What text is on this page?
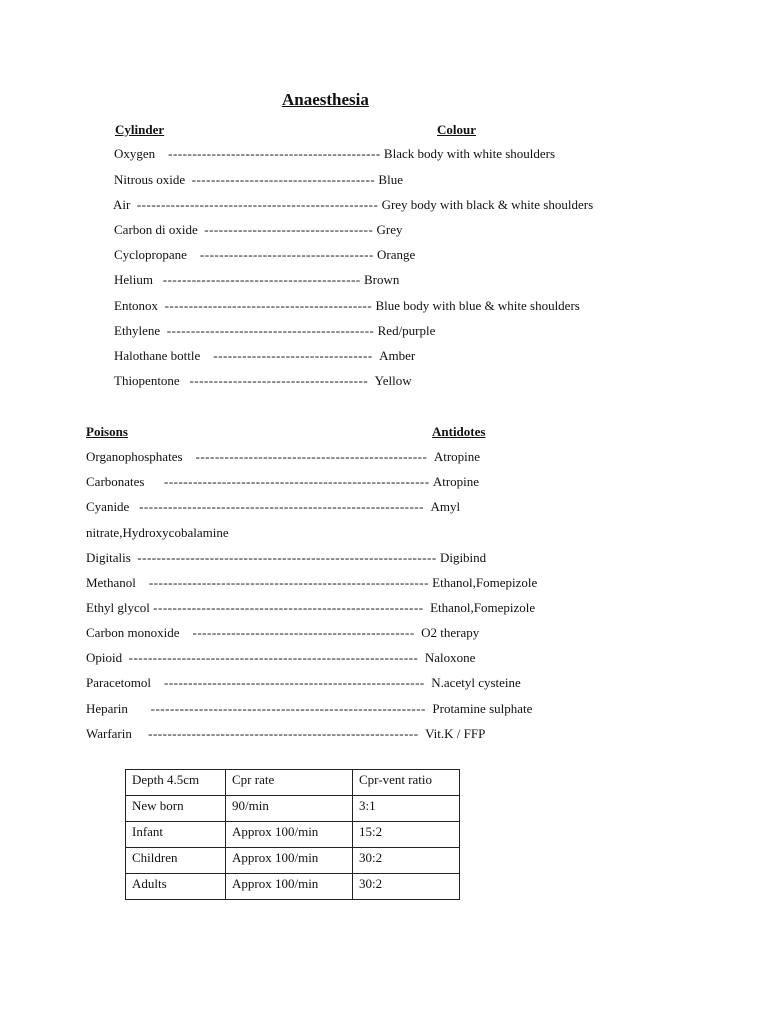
Anaesthesia
Cylinder	Colour
Oxygen -------------------------------------------- Black body with white shoulders
Nitrous oxide -------------------------------------- Blue
Air -------------------------------------------------- Grey body with black & white shoulders
Carbon di oxide ----------------------------------- Grey
Cyclopropane ------------------------------------ Orange
Helium ----------------------------------------- Brown
Entonox ------------------------------------------- Blue body with blue & white shoulders
Ethylene ------------------------------------------- Red/purple
Halothane bottle --------------------------------- Amber
Thiopentone ------------------------------------- Yellow
Poisons	Antidotes
Organophosphates ------------------------------------------------ Atropine
Carbonates ------------------------------------------------------- Atropine
Cyanide ----------------------------------------------------------- Amyl
nitrate,Hydroxycobalamine
Digitalis -------------------------------------------------------------- Digibind
Methanol ---------------------------------------------------------- Ethanol,Fomepizole
Ethyl glycol -------------------------------------------------------- Ethanol,Fomepizole
Carbon monoxide ---------------------------------------------- O2 therapy
Opioid ------------------------------------------------------------ Naloxone
Paracetomol ------------------------------------------------------ N.acetyl cysteine
Heparin --------------------------------------------------------- Protamine sulphate
Warfarin -------------------------------------------------------- Vit.K / FFP
Depth 4.5cm	Cpr rate	Cpr-vent ratio
New born	90/min	3:1
Infant	Approx 100/min	15:2
Children	Approx 100/min	30:2
Adults	Approx 100/min	30:2
